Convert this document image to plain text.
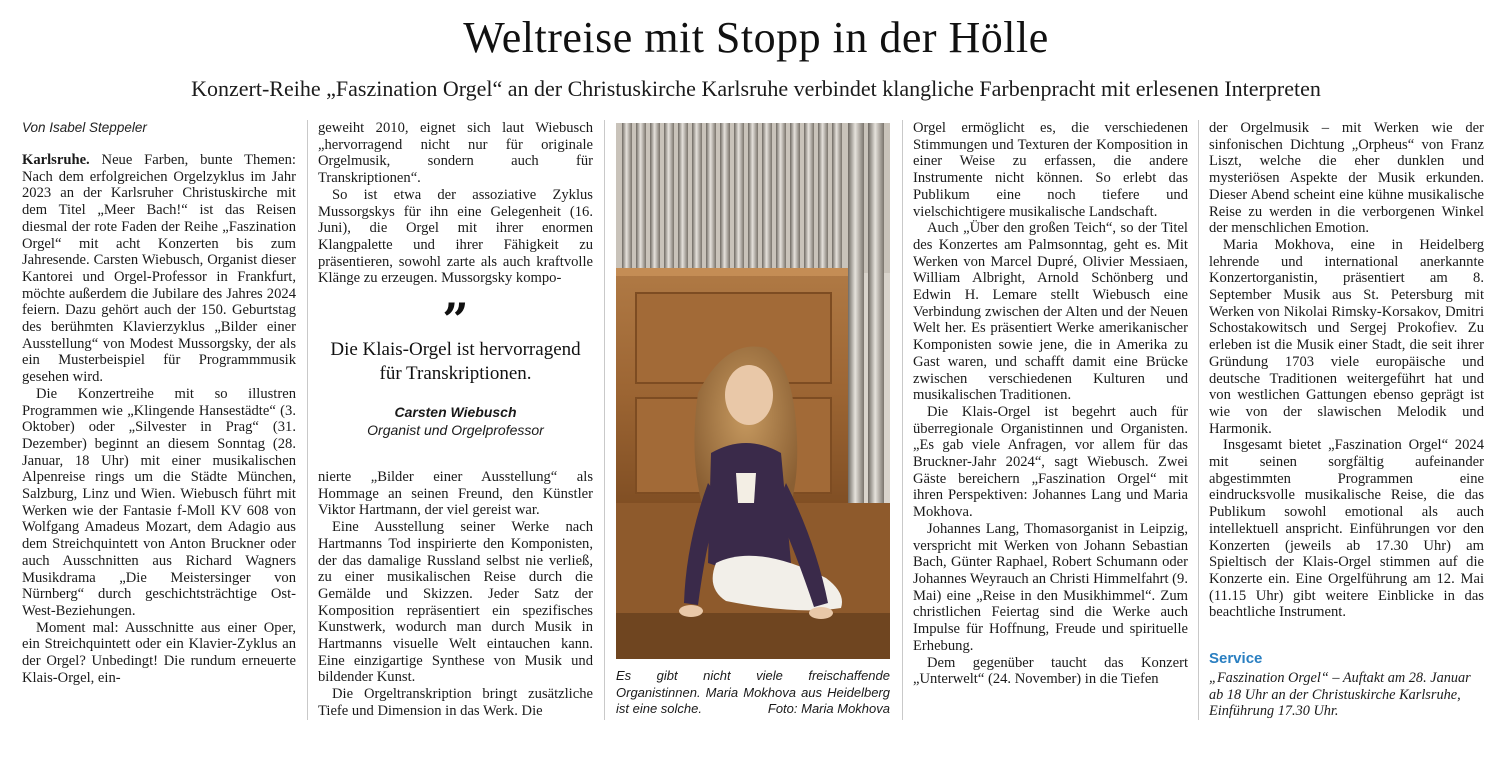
Weltreise mit Stopp in der Hölle
Konzert-Reihe „Faszination Orgel“ an der Christuskirche Karlsruhe verbindet klangliche Farbenpracht mit erlesenen Interpreten
Von Isabel Steppeler

Karlsruhe. Neue Farben, bunte Themen: Nach dem erfolgreichen Orgelzyklus im Jahr 2023 an der Karlsruher Christuskirche mit dem Titel „Meer Bach!“ ist das Reisen diesmal der rote Faden der Reihe „Faszination Orgel“ mit acht Konzerten bis zum Jahresende. Carsten Wiebusch, Organist dieser Kantorei und Orgel-Professor in Frankfurt, möchte außerdem die Jubilare des Jahres 2024 feiern. Dazu gehört auch der 150. Geburtstag des berühmten Klavierzyklus „Bilder einer Ausstellung“ von Modest Mussorgsky, der als ein Musterbeispiel für Programmmusik gesehen wird.

Die Konzertreihe mit so illustren Programmen wie „Klingende Hansestädte“ (3. Oktober) oder „Silvester in Prag“ (31. Dezember) beginnt an diesem Sonntag (28. Januar, 18 Uhr) mit einer musikalischen Alpenreise rings um die Städte München, Salzburg, Linz und Wien. Wiebusch führt mit Werken wie der Fantasie f-Moll KV 608 von Wolfgang Amadeus Mozart, dem Adagio aus dem Streichquintett von Anton Bruckner oder auch Ausschnitten aus Richard Wagners Musikdrama „Die Meistersinger von Nürnberg“ durch geschichtsträchtige Ost-West-Beziehungen.

Moment mal: Ausschnitte aus einer Oper, ein Streichquintett oder ein Klavier-Zyklus an der Orgel? Unbedingt! Die rundum erneuerte Klais-Orgel, ein-

geweiht 2010, eignet sich laut Wiebusch „hervorragend nicht nur für originale Orgelmusik, sondern auch für Transkriptionen“.

So ist etwa der assoziative Zyklus Mussorgskys für ihn eine Gelegenheit (16. Juni), die Orgel mit ihrer enormen Klangpalette und ihrer Fähigkeit zu präsentieren, sowohl zarte als auch kraftvolle Klänge zu erzeugen. Mussorgsky kompo-

”
Die Klais-Orgel ist hervorragend für Transkriptionen.
Carsten Wiebusch
Organist und Orgelprofessor

nierte „Bilder einer Ausstellung“ als Hommage an seinen Freund, den Künstler Viktor Hartmann, der viel gereist war.

Eine Ausstellung seiner Werke nach Hartmanns Tod inspirierte den Komponisten, der das damalige Russland selbst nie verließ, zu einer musikalischen Reise durch die Gemälde und Skizzen. Jeder Satz der Komposition repräsentiert ein spezifisches Kunstwerk, wodurch man durch Musik in Hartmanns visuelle Welt eintauchen kann. Eine einzigartige Synthese von Musik und bildender Kunst.

Die Orgeltranskription bringt zusätzliche Tiefe und Dimension in das Werk. Die

Es gibt nicht viele freischaffende Organistinnen. Maria Mokhova aus Heidelberg ist eine solche.	Foto: Maria Mokhova

Orgel ermöglicht es, die verschiedenen Stimmungen und Texturen der Komposition in einer Weise zu erfassen, die andere Instrumente nicht können. So erlebt das Publikum eine noch tiefere und vielschichtigere musikalische Landschaft.

Auch „Über den großen Teich“, so der Titel des Konzertes am Palmsonntag, geht es. Mit Werken von Marcel Dupré, Olivier Messiaen, William Albright, Arnold Schönberg und Edwin H. Lemare stellt Wiebusch eine Verbindung zwischen der Alten und der Neuen Welt her. Es präsentiert Werke amerikanischer Komponisten sowie jene, die in Amerika zu Gast waren, und schafft damit eine Brücke zwischen verschiedenen Kulturen und musikalischen Traditionen.

Die Klais-Orgel ist begehrt auch für überregionale Organistinnen und Organisten. „Es gab viele Anfragen, vor allem für das Bruckner-Jahr 2024“, sagt Wiebusch. Zwei Gäste bereichern „Faszination Orgel“ mit ihren Perspektiven: Johannes Lang und Maria Mokhova.

Johannes Lang, Thomasorganist in Leipzig, verspricht mit Werken von Johann Sebastian Bach, Günter Raphael, Robert Schumann oder Johannes Weyrauch an Christi Himmelfahrt (9. Mai) eine „Reise in den Musikhimmel“. Zum christlichen Feiertag sind die Werke auch Impulse für Hoffnung, Freude und spirituelle Erhebung.

Dem gegenüber taucht das Konzert „Unterwelt“ (24. November) in die Tiefen

der Orgelmusik – mit Werken wie der sinfonischen Dichtung „Orpheus“ von Franz Liszt, welche die eher dunklen und mysteriösen Aspekte der Musik erkunden. Dieser Abend scheint eine kühne musikalische Reise zu werden in die verborgenen Winkel der menschlichen Emotion.

Maria Mokhova, eine in Heidelberg lehrende und international anerkannte Konzertorganistin, präsentiert am 8. September Musik aus St. Petersburg mit Werken von Nikolai Rimsky-Korsakov, Dmitri Schostakowitsch und Sergej Prokofiev. Zu erleben ist die Musik einer Stadt, die seit ihrer Gründung 1703 viele europäische und deutsche Traditionen weitergeführt hat und von westlichen Gattungen ebenso geprägt ist wie von der slawischen Melodik und Harmonik.

Insgesamt bietet „Faszination Orgel“ 2024 mit seinen sorgfältig aufeinander abgestimmten Programmen eine eindrucksvolle musikalische Reise, die das Publikum sowohl emotional als auch intellektuell anspricht. Einführungen vor den Konzerten (jeweils ab 17.30 Uhr) am Spieltisch der Klais-Orgel stimmen auf die Konzerte ein. Eine Orgelführung am 12. Mai (11.15 Uhr) gibt weitere Einblicke in das beachtliche Instrument.

Service
„Faszination Orgel“ – Auftakt am 28. Januar ab 18 Uhr an der Christuskirche Karlsruhe, Einführung 17.30 Uhr.
